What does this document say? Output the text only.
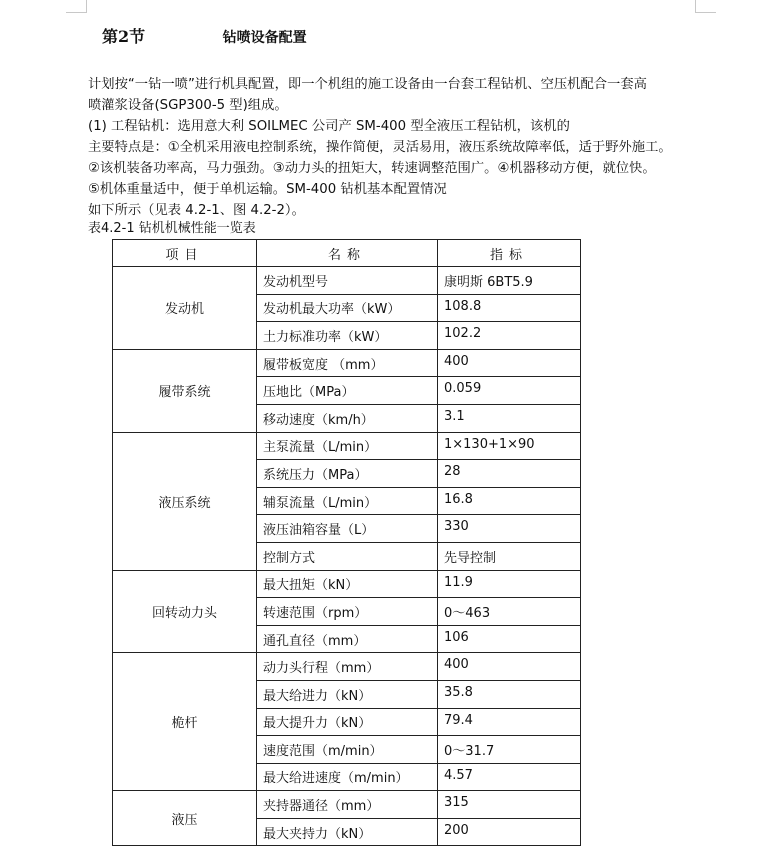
第2节	钻喷设备配置
计划按“一钻一喷”进行机具配置，即一个机组的施工设备由一台套工程钻机、空压机配合一套高
喷灌浆设备(SGP300-5 型)组成。
(1) 工程钻机：选用意大利 SOILMEC 公司产 SM-400 型全液压工程钻机，该机的
主要特点是：①全机采用液电控制系统，操作简便，灵活易用，液压系统故障率低，适于野外施工。
②该机装备功率高，马力强劲。③动力头的扭矩大，转速调整范围广。④机器移动方便，就位快。
⑤机体重量适中，便于单机运输。SM-400 钻机基本配置情况
如下所示（见表 4.2-1、图 4.2-2）。
表4.2-1 钻机机械性能一览表
项目	名称	指标
发动机	发动机型号	康明斯 6BT5.9
	发动机最大功率（kW）	108.8
	土力标准功率（kW）	102.2
履带系统	履带板宽度 （mm）	400
	压地比（MPa）	0.059
	移动速度（km/h）	3.1
液压系统	主泵流量（L/min）	1×130+1×90
	系统压力（MPa）	28
	辅泵流量（L/min）	16.8
	液压油箱容量（L）	330
	控制方式	先导控制
回转动力头	最大扭矩（kN）	11.9
	转速范围（rpm）	0～463
	通孔直径（mm）	106
桅杆	动力头行程（mm）	400
	最大给进力（kN）	35.8
	最大提升力（kN）	79.4
	速度范围（m/min）	0～31.7
	最大给进速度（m/min）	4.57
液压	夹持器通径（mm）	315
	最大夹持力（kN）	200
